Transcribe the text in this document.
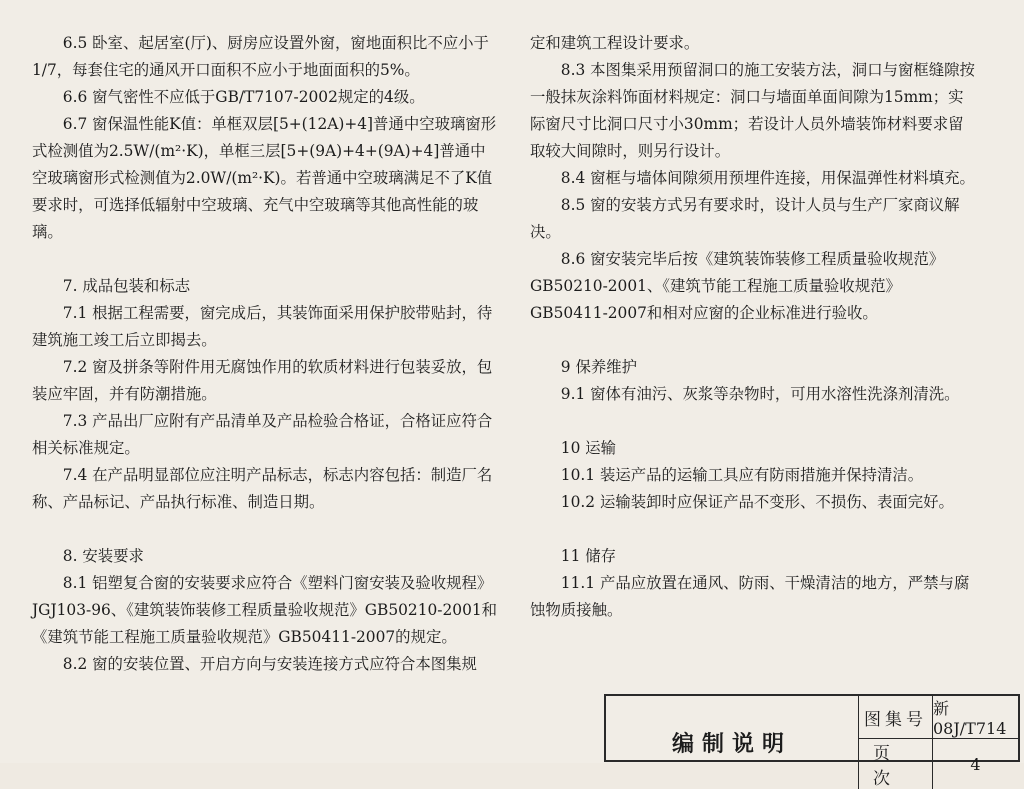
6.5 卧室、起居室(厅)、厨房应设置外窗，窗地面积比不应小于1/7，每套住宅的通风开口面积不应小于地面面积的5%。

6.6 窗气密性不应低于GB/T7107-2002规定的4级。

6.7 窗保温性能K值：单框双层[5+(12A)+4]普通中空玻璃窗形式检测值为2.5W/(m²·K)，单框三层[5+(9A)+4+(9A)+4]普通中空玻璃窗形式检测值为2.0W/(m²·K)。若普通中空玻璃满足不了K值要求时，可选择低辐射中空玻璃、充气中空玻璃等其他高性能的玻璃。

7. 成品包装和标志

7.1 根据工程需要，窗完成后，其装饰面采用保护胶带贴封，待建筑施工竣工后立即揭去。

7.2 窗及拼条等附件用无腐蚀作用的软质材料进行包装妥放，包装应牢固，并有防潮措施。

7.3 产品出厂应附有产品清单及产品检验合格证，合格证应符合相关标准规定。

7.4 在产品明显部位应注明产品标志，标志内容包括：制造厂名称、产品标记、产品执行标准、制造日期。

8. 安装要求

8.1 铝塑复合窗的安装要求应符合《塑料门窗安装及验收规程》JGJ103-96、《建筑装饰装修工程质量验收规范》GB50210-2001和《建筑节能工程施工质量验收规范》GB50411-2007的规定。

8.2 窗的安装位置、开启方向与安装连接方式应符合本图集规

定和建筑工程设计要求。

8.3 本图集采用预留洞口的施工安装方法，洞口与窗框缝隙按一般抹灰涂料饰面材料规定：洞口与墙面单面间隙为15mm；实际窗尺寸比洞口尺寸小30mm；若设计人员外墙装饰材料要求留取较大间隙时，则另行设计。

8.4 窗框与墙体间隙须用预埋件连接，用保温弹性材料填充。

8.5 窗的安装方式另有要求时，设计人员与生产厂家商议解决。

8.6 窗安装完毕后按《建筑装饰装修工程质量验收规范》GB50210-2001、《建筑节能工程施工质量验收规范》GB50411-2007和相对应窗的企业标准进行验收。

9 保养维护

9.1 窗体有油污、灰浆等杂物时，可用水溶性洗涤剂清洗。

10 运输

10.1 装运产品的运输工具应有防雨措施并保持清洁。

10.2 运输装卸时应保证产品不变形、不损伤、表面完好。

11 储存

11.1 产品应放置在通风、防雨、干燥清洁的地方，严禁与腐蚀物质接触。

编制说明
图集号
新08J/T714
页次
4
